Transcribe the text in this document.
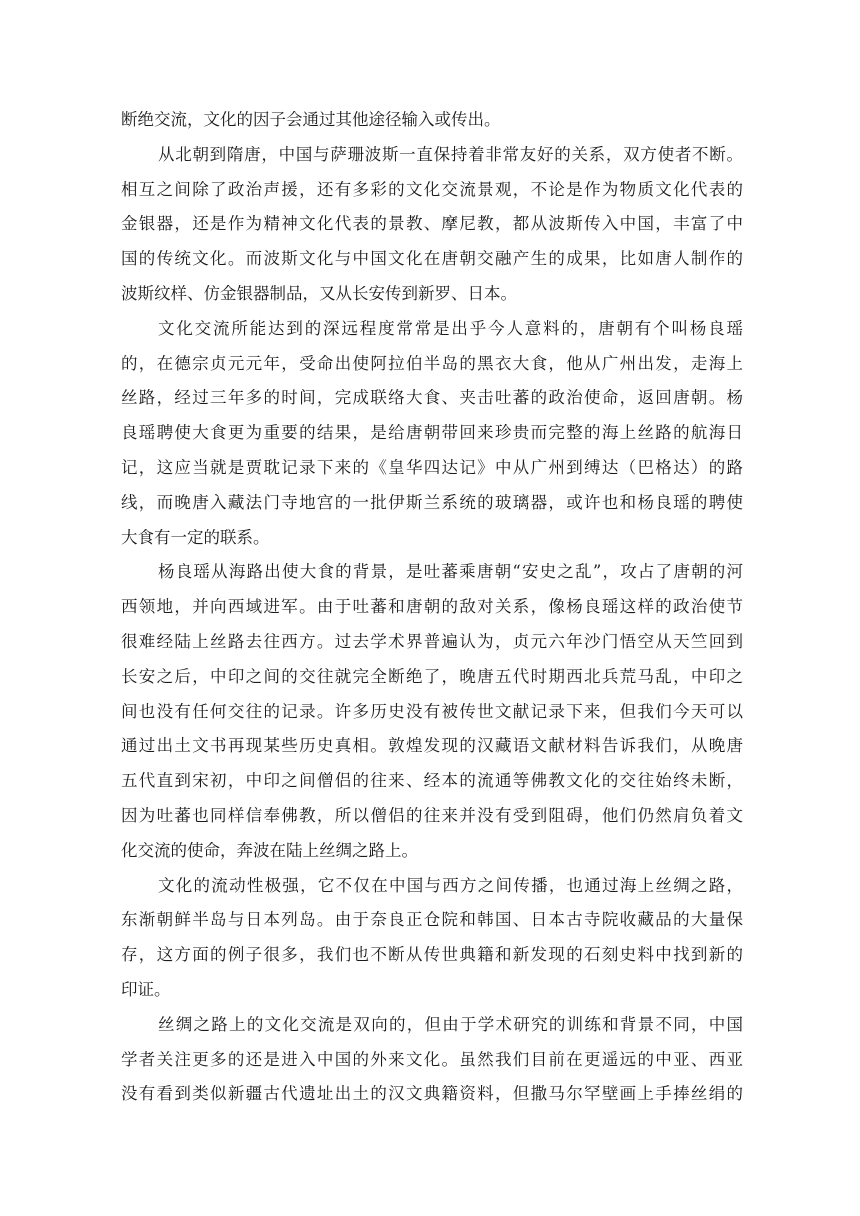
断绝交流，文化的因子会通过其他途径输入或传出。
从北朝到隋唐，中国与萨珊波斯一直保持着非常友好的关系，双方使者不断。
相互之间除了政治声援，还有多彩的文化交流景观，不论是作为物质文化代表的
金银器，还是作为精神文化代表的景教、摩尼教，都从波斯传入中国，丰富了中
国的传统文化。而波斯文化与中国文化在唐朝交融产生的成果，比如唐人制作的
波斯纹样、仿金银器制品，又从长安传到新罗、日本。
文化交流所能达到的深远程度常常是出乎今人意料的，唐朝有个叫杨良瑶
的，在德宗贞元元年，受命出使阿拉伯半岛的黑衣大食，他从广州出发，走海上
丝路，经过三年多的时间，完成联络大食、夹击吐蕃的政治使命，返回唐朝。杨
良瑶聘使大食更为重要的结果，是给唐朝带回来珍贵而完整的海上丝路的航海日
记，这应当就是贾耽记录下来的《皇华四达记》中从广州到缚达（巴格达）的路
线，而晚唐入藏法门寺地宫的一批伊斯兰系统的玻璃器，或许也和杨良瑶的聘使
大食有一定的联系。
杨良瑶从海路出使大食的背景，是吐蕃乘唐朝“安史之乱”，攻占了唐朝的河
西领地，并向西域进军。由于吐蕃和唐朝的敌对关系，像杨良瑶这样的政治使节
很难经陆上丝路去往西方。过去学术界普遍认为，贞元六年沙门悟空从天竺回到
长安之后，中印之间的交往就完全断绝了，晚唐五代时期西北兵荒马乱，中印之
间也没有任何交往的记录。许多历史没有被传世文献记录下来，但我们今天可以
通过出土文书再现某些历史真相。敦煌发现的汉藏语文献材料告诉我们，从晚唐
五代直到宋初，中印之间僧侣的往来、经本的流通等佛教文化的交往始终未断，
因为吐蕃也同样信奉佛教，所以僧侣的往来并没有受到阻碍，他们仍然肩负着文
化交流的使命，奔波在陆上丝绸之路上。
文化的流动性极强，它不仅在中国与西方之间传播，也通过海上丝绸之路，
东渐朝鲜半岛与日本列岛。由于奈良正仓院和韩国、日本古寺院收藏品的大量保
存，这方面的例子很多，我们也不断从传世典籍和新发现的石刻史料中找到新的
印证。
丝绸之路上的文化交流是双向的，但由于学术研究的训练和背景不同，中国
学者关注更多的还是进入中国的外来文化。虽然我们目前在更遥远的中亚、西亚
没有看到类似新疆古代遗址出土的汉文典籍资料，但撒马尔罕壁画上手捧丝绢的
